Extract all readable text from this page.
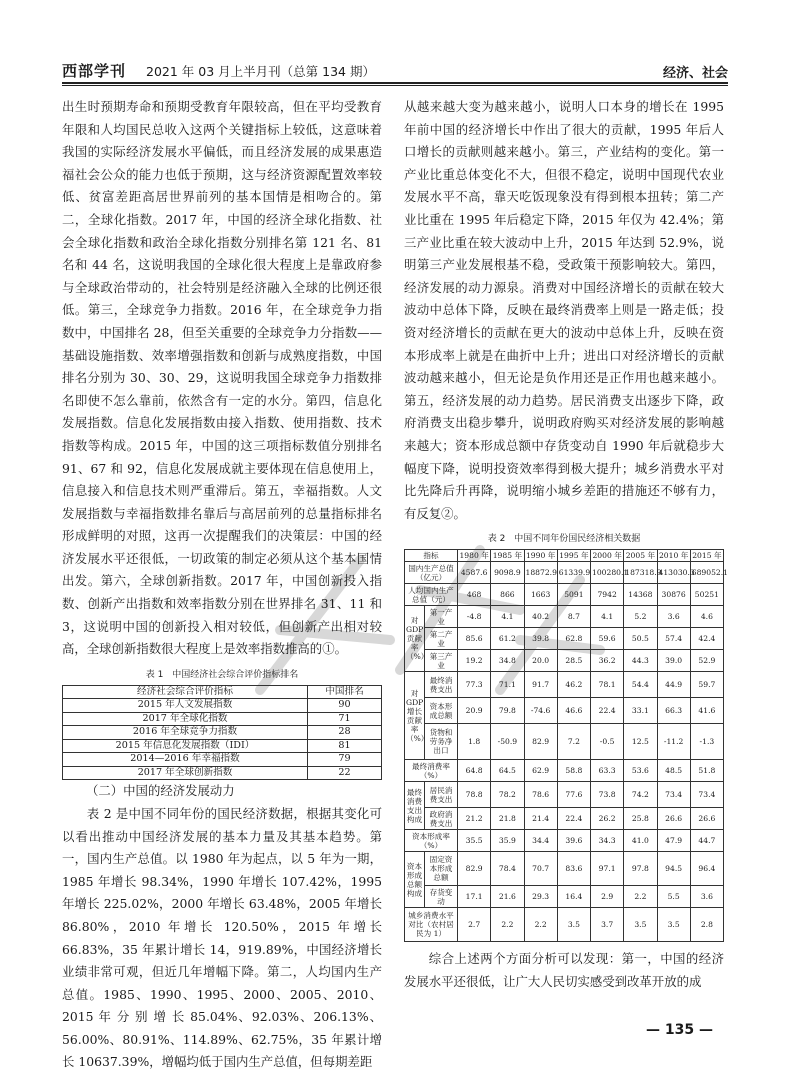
西部学刊 2021 年 03 月上半月刊（总第 134 期）	经济、社会

出生时预期寿命和预期受教育年限较高，但在平均受教育年限和人均国民总收入这两个关键指标上较低，这意味着我国的实际经济发展水平偏低，而且经济发展的成果惠造福社会公众的能力也低于预期，这与经济资源配置效率较低、贫富差距高居世界前列的基本国情是相吻合的。第二，全球化指数。2017 年，中国的经济全球化指数、社会全球化指数和政治全球化指数分别排名第 121 名、81 名和 44 名，这说明我国的全球化很大程度上是靠政府参与全球政治带动的，社会特别是经济融入全球的比例还很低。第三，全球竞争力指数。2016 年，在全球竞争力指数中，中国排名 28，但至关重要的全球竞争力分指数——基础设施指数、效率增强指数和创新与成熟度指数，中国排名分别为 30、30、29，这说明我国全球竞争力指数排名即使不怎么靠前，依然含有一定的水分。第四，信息化发展指数。信息化发展指数由接入指数、使用指数、技术指数等构成。2015 年，中国的这三项指标数值分别排名 91、67 和 92，信息化发展成就主要体现在信息使用上，信息接入和信息技术则严重滞后。第五，幸福指数。人文发展指数与幸福指数排名靠后与高居前列的总量指标排名形成鲜明的对照，这再一次提醒我们的决策层：中国的经济发展水平还很低，一切政策的制定必须从这个基本国情出发。第六，全球创新指数。2017 年，中国创新投入指数、创新产出指数和效率指数分别在世界排名 31、11 和 3，这说明中国的创新投入相对较低，但创新产出相对较高，全球创新指数很大程度上是效率指数推高的①。

表 1　中国经济社会综合评价指标排名
经济社会综合评价指标	中国排名
2015 年人文发展指数	90
2017 年全球化指数	71
2016 年全球竞争力指数	28
2015 年信息化发展指数（IDI）	81
2014—2016 年幸福指数	79
2017 年全球创新指数	22

（二）中国的经济发展动力

表 2 是中国不同年份的国民经济数据，根据其变化可以看出推动中国经济发展的基本力量及其基本趋势。第一，国内生产总值。以 1980 年为起点，以 5 年为一期，1985 年增长 98.34%，1990 年增长 107.42%，1995 年增长 225.02%，2000 年增长 63.48%，2005 年增长 86.80%，2010 年增长 120.50%，2015 年增长 66.83%，35 年累计增长 14，919.89%，中国经济增长业绩非常可观，但近几年增幅下降。第二，人均国内生产总值。1985、1990、1995、2000、2005、2010、2015 年 分 别 增 长 85.04%、92.03%、206.13%、56.00%、80.91%、114.89%、62.75%，35 年累计增长 10637.39%，增幅均低于国内生产总值，但每期差距

从越来越大变为越来越小，说明人口本身的增长在 1995 年前中国的经济增长中作出了很大的贡献，1995 年后人口增长的贡献则越来越小。第三，产业结构的变化。第一产业比重总体变化不大，但很不稳定，说明中国现代农业发展水平不高，靠天吃饭现象没有得到根本扭转；第二产业比重在 1995 年后稳定下降，2015 年仅为 42.4%；第三产业比重在较大波动中上升，2015 年达到 52.9%，说明第三产业发展根基不稳，受政策干预影响较大。第四，经济发展的动力源泉。消费对中国经济增长的贡献在较大波动中总体下降，反映在最终消费率上则是一路走低；投资对经济增长的贡献在更大的波动中总体上升，反映在资本形成率上就是在曲折中上升；进出口对经济增长的贡献波动越来越小，但无论是负作用还是正作用也越来越小。第五，经济发展的动力趋势。居民消费支出逐步下降，政府消费支出稳步攀升，说明政府购买对经济发展的影响越来越大；资本形成总额中存货变动自 1990 年后就稳步大幅度下降，说明投资效率得到极大提升；城乡消费水平对比先降后升再降，说明缩小城乡差距的措施还不够有力，有反复②。

表 2　中国不同年份国民经济相关数据
指标		1980 年	1985 年	1990 年	1995 年	2000 年	2005 年	2010 年	2015 年
国内生产总值（亿元）		4587.6	9098.9	18872.9	61339.9	100280.1	187318.9	413030.3	689052.1
人均国内生产总值（元）		468	866	1663	5091	7942	14368	30876	50251
对 GDP 贡献率（%）	第一产业	-4.8	4.1	40.2	8.7	4.1	5.2	3.6	4.6
	第二产业	85.6	61.2	39.8	62.8	59.6	50.5	57.4	42.4
	第三产业	19.2	34.8	20.0	28.5	36.2	44.3	39.0	52.9
对 GDP 增长贡献率（%）	最终消费支出	77.3	71.1	91.7	46.2	78.1	54.4	44.9	59.7
	资本形成总额	20.9	79.8	-74.6	46.6	22.4	33.1	66.3	41.6
	货物和劳务净出口	1.8	-50.9	82.9	7.2	-0.5	12.5	-11.2	-1.3
最终消费率（%）		64.8	64.5	62.9	58.8	63.3	53.6	48.5	51.8
最终消费支出构成	居民消费支出	78.8	78.2	78.6	77.6	73.8	74.2	73.4	73.4
	政府消费支出	21.2	21.8	21.4	22.4	26.2	25.8	26.6	26.6
资本形成率（%）		35.5	35.9	34.4	39.6	34.3	41.0	47.9	44.7
资本形成总额构成	固定资本形成总额	82.9	78.4	70.7	83.6	97.1	97.8	94.5	96.4
	存货变动	17.1	21.6	29.3	16.4	2.9	2.2	5.5	3.6
城乡消费水平对比（农村居民为 1）		2.7	2.2	2.2	3.5	3.7	3.5	3.5	2.8

综合上述两个方面分析可以发现：第一，中国的经济发展水平还很低，让广大人民切实感受到改革开放的成

— 135 —
